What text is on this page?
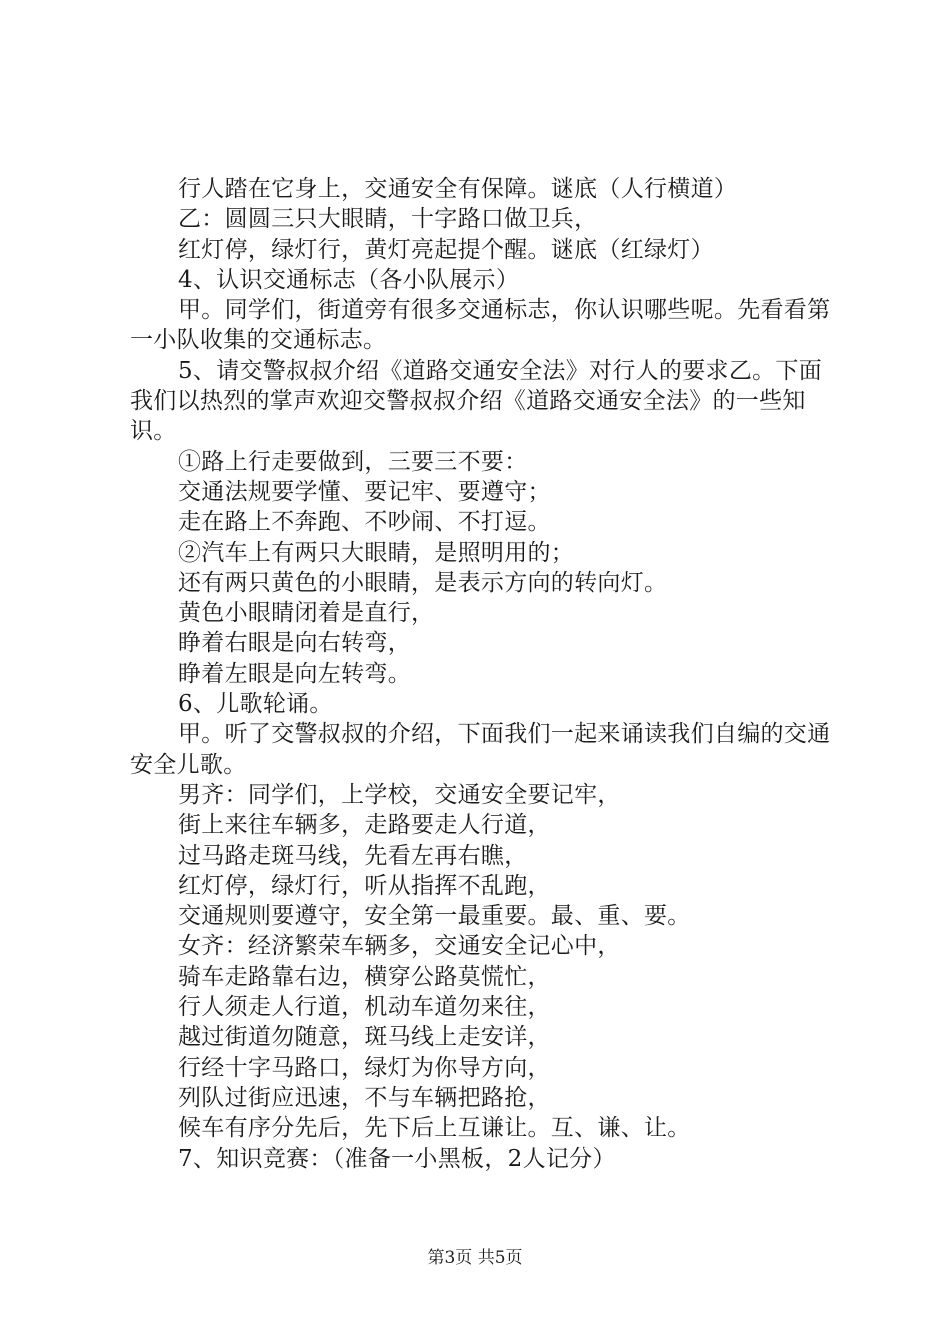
行人踏在它身上，交通安全有保障。谜底（人行横道）

乙：圆圆三只大眼睛，十字路口做卫兵，

红灯停，绿灯行，黄灯亮起提个醒。谜底（红绿灯）

4、认识交通标志（各小队展示）

甲。同学们，街道旁有很多交通标志，你认识哪些呢。先看看第一小队收集的交通标志。

5、请交警叔叔介绍《道路交通安全法》对行人的要求乙。下面我们以热烈的掌声欢迎交警叔叔介绍《道路交通安全法》的一些知识。

①路上行走要做到，三要三不要：

交通法规要学懂、要记牢、要遵守；

走在路上不奔跑、不吵闹、不打逗。

②汽车上有两只大眼睛，是照明用的；

还有两只黄色的小眼睛，是表示方向的转向灯。

黄色小眼睛闭着是直行，

睁着右眼是向右转弯，

睁着左眼是向左转弯。

6、儿歌轮诵。

甲。听了交警叔叔的介绍，下面我们一起来诵读我们自编的交通安全儿歌。

男齐：同学们，上学校，交通安全要记牢，

街上来往车辆多，走路要走人行道，

过马路走斑马线，先看左再右瞧，

红灯停，绿灯行，听从指挥不乱跑，

交通规则要遵守，安全第一最重要。最、重、要。

女齐：经济繁荣车辆多，交通安全记心中，

骑车走路靠右边，横穿公路莫慌忙，

行人须走人行道，机动车道勿来往，

越过街道勿随意，斑马线上走安详，

行经十字马路口，绿灯为你导方向，

列队过街应迅速，不与车辆把路抢，

候车有序分先后，先下后上互谦让。互、谦、让。

7、知识竞赛：（准备一小黑板，2人记分）

第3页 共5页
